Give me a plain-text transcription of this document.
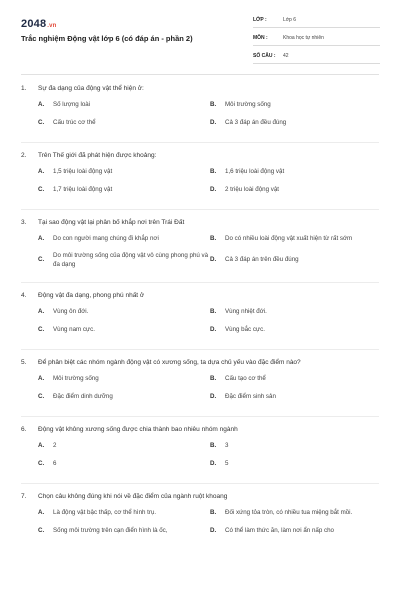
2048.vn
Trắc nghiệm Động vật lớp 6 (có đáp án - phần 2)
LỚP :	Lớp 6
MÔN :	Khoa học tự nhiên
SỐ CÂU : 42
1.	Sự đa dạng của động vật thể hiện ở:
A.	Số lượng loài	B.	Môi trường sống
C.	Cấu trúc cơ thể	D.	Cả 3 đáp án đều đúng
2.	Trên Thế giới đã phát hiện được khoảng:
A.	1,5 triệu loài động vật	B.	1,6 triệu loài động vật
C.	1,7 triệu loài động vật	D.	2 triệu loài động vật
3.	Tại sao động vật lại phân bố khắp nơi trên Trái Đất
A.	Do con người mang chúng đi khắp nơi	B.	Do có nhiều loài động vật xuất hiện từ rất sớm
C.
Do môi trường sống của động vật vô cùng phong phú và đa dạng
D.	Cả 3 đáp án trên đều đúng
4.	Động vật đa dạng, phong phú nhất ở
A.	Vùng ôn đới.	B.	Vùng nhiệt đới.
C.	Vùng nam cực.	D.	Vùng bắc cực.
5.	Để phân biệt các nhóm ngành động vật có xương sống, ta dựa chủ yếu vào đặc điểm nào?
A.	Môi trường sống	B.	Cấu tạo cơ thể
C.	Đặc điểm dinh dưỡng	D.	Đặc điểm sinh sản
6.	Động vật không xương sống được chia thành bao nhiêu nhóm ngành
A.	2	B.	3
C.	6	D.	5
7.	Chọn câu không đúng khi nói về đặc điểm của ngành ruột khoang
A.	Là động vật bậc thấp, cơ thể hình trụ.	B.	Đối xứng tỏa tròn, có nhiều tua miệng bắt mồi.
C.	Sống môi trường trên cạn điển hình là ốc,	D.	Có thể làm thức ăn, làm nơi ẩn nấp cho
